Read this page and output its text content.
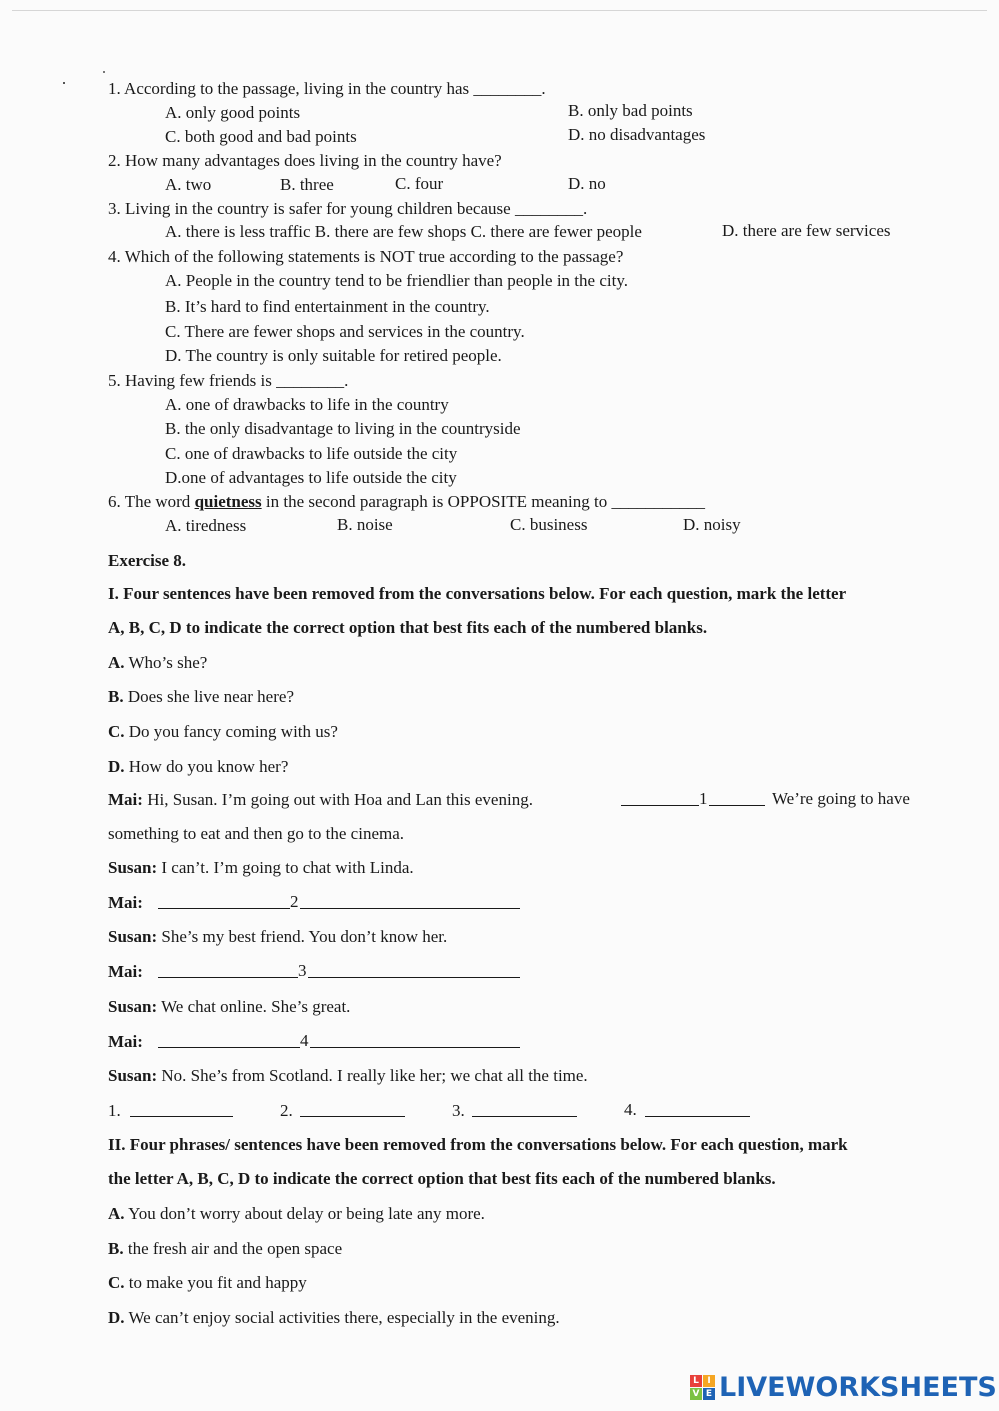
1. According to the passage, living in the country has ________.
A. only good points	B. only bad points
C. both good and bad points	D. no disadvantages
2. How many advantages does living in the country have?
A. two	B. three	C. four	D. no
3. Living in the country is safer for young children because ________.
A. there is less traffic B. there are few shops C. there are fewer people	D. there are few services
4. Which of the following statements is NOT true according to the passage?
A. People in the country tend to be friendlier than people in the city.
B. It’s hard to find entertainment in the country.
C. There are fewer shops and services in the country.
D. The country is only suitable for retired people.
5. Having few friends is ________.
A. one of drawbacks to life in the country
B. the only disadvantage to living in the countryside
C. one of drawbacks to life outside the city
D.one of advantages to life outside the city
6. The word quietness in the second paragraph is OPPOSITE meaning to ___________
A. tiredness	B. noise	C. business	D. noisy
Exercise 8.
I. Four sentences have been removed from the conversations below. For each question, mark the letter
A, B, C, D to indicate the correct option that best fits each of the numbered blanks.
A. Who’s she?
B. Does she live near here?
C. Do you fancy coming with us?
D. How do you know her?
Mai: Hi, Susan. I’m going out with Hoa and Lan this evening.	1	We’re going to have
something to eat and then go to the cinema.
Susan: I can’t. I’m going to chat with Linda.
Mai:	2
Susan: She’s my best friend. You don’t know her.
Mai:	3
Susan: We chat online. She’s great.
Mai:	4
Susan: No. She’s from Scotland. I really like her; we chat all the time.
1.	2.	3.	4.
II. Four phrases/ sentences have been removed from the conversations below. For each question, mark
the letter A, B, C, D to indicate the correct option that best fits each of the numbered blanks.
A. You don’t worry about delay or being late any more.
B. the fresh air and the open space
C. to make you fit and happy
D. We can’t enjoy social activities there, especially in the evening.
L I
V E LIVEWORKSHEETS
